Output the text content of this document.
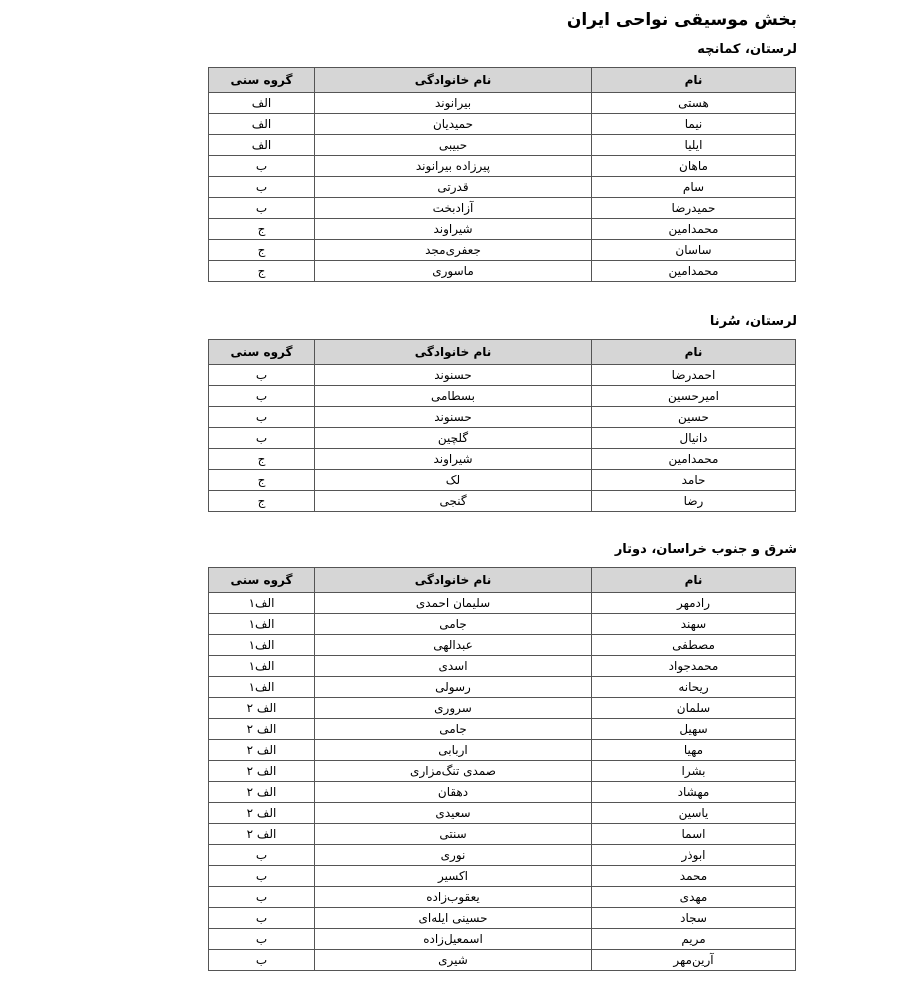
بخش موسیقی نواحی ایران
لرستان، کمانچه
نام	نام خانوادگی	گروه سنی
هستی	بیرانوند	الف
نیما	حمیدیان	الف
ایلیا	حبیبی	الف
ماهان	پیرزاده بیرانوند	ب
سام	قدرتی	ب
حمیدرضا	آزادبخت	ب
محمدامین	شیراوند	ج
ساسان	جعفری‌مجد	ج
محمدامین	ماسوری	ج
لرستان، سُرنا
نام	نام خانوادگی	گروه سنی
احمدرضا	حسنوند	ب
امیرحسین	بسطامی	ب
حسین	حسنوند	ب
دانیال	گلچین	ب
محمدامین	شیراوند	ج
حامد	لک	ج
رضا	گنجی	ج
شرق و جنوب خراسان، دوتار
نام	نام خانوادگی	گروه سنی
رادمهر	سلیمان احمدی	الف۱
سهند	جامی	الف۱
مصطفی	عبدالهی	الف۱
محمدجواد	اسدی	الف۱
ریحانه	رسولی	الف۱
سلمان	سروری	الف ۲
سهیل	جامی	الف ۲
مهیا	اربابی	الف ۲
بشرا	صمدی تنگ‌مزاری	الف ۲
مهشاد	دهقان	الف ۲
یاسین	سعیدی	الف ۲
اسما	سنتی	الف ۲
ابوذر	نوری	ب
محمد	اکسیر	ب
مهدی	یعقوب‌زاده	ب
سجاد	حسینی ایله‌ای	ب
مریم	اسمعیل‌زاده	ب
آرین‌مهر	شیری	ب
